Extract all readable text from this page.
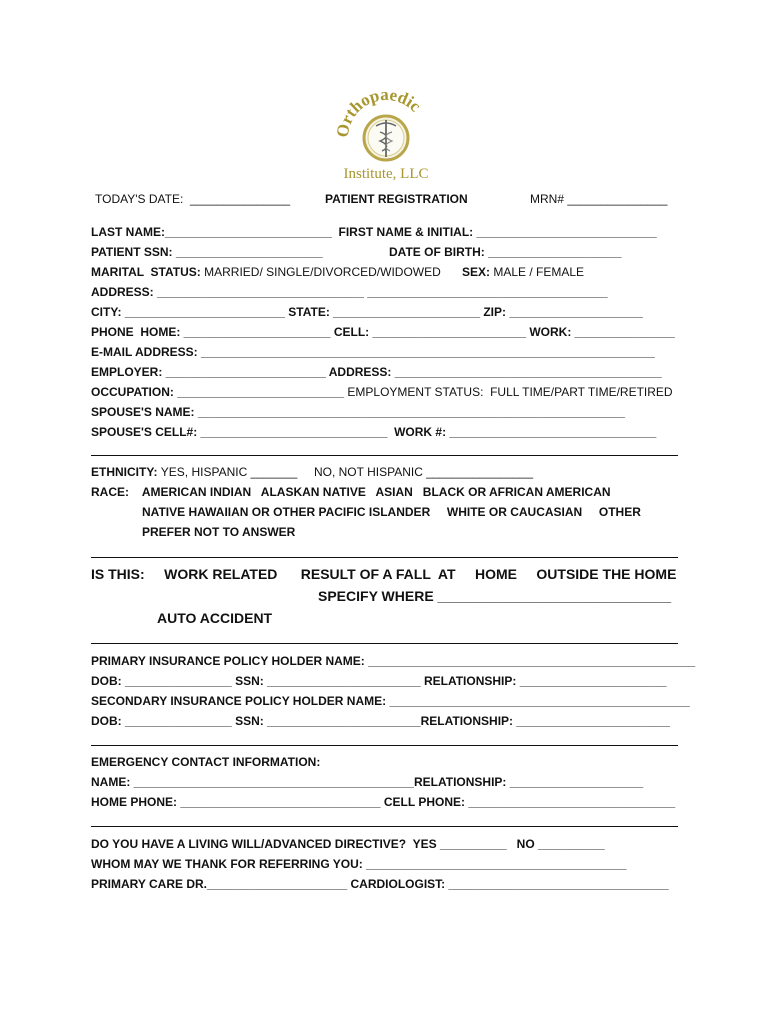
Orthopaedic
Institute, LLC
TODAY'S DATE:  _______________	PATIENT REGISTRATION	MRN# _______________
LAST NAME:_________________________  FIRST NAME & INITIAL: ___________________________
PATIENT SSN: ______________________	DATE OF BIRTH: ____________________
MARITAL  STATUS: MARRIED/ SINGLE/DIVORCED/WIDOWED SEX: MALE / FEMALE
ADDRESS: _______________________________ ____________________________________
CITY: ________________________ STATE: ______________________ ZIP: ____________________
PHONE  HOME: ______________________ CELL: _______________________ WORK: _______________
E-MAIL ADDRESS: ____________________________________________________________________
EMPLOYER: ________________________ ADDRESS: ________________________________________
OCCUPATION: _________________________ EMPLOYMENT STATUS:  FULL TIME/PART TIME/RETIRED
SPOUSE'S NAME: ________________________________________________________________
SPOUSE'S CELL#: ____________________________  WORK #: _______________________________
ETHNICITY: YES, HISPANIC _______     NO, NOT HISPANIC ________________
RACE:    AMERICAN INDIAN   ALASKAN NATIVE   ASIAN   BLACK OR AFRICAN AMERICAN
NATIVE HAWAIIAN OR OTHER PACIFIC ISLANDER     WHITE OR CAUCASIAN     OTHER
PREFER NOT TO ANSWER
IS THIS:     WORK RELATED      RESULT OF A FALL  AT     HOME     OUTSIDE THE HOME
SPECIFY WHERE ______________________________
AUTO ACCIDENT
PRIMARY INSURANCE POLICY HOLDER NAME: _________________________________________________
DOB: ________________ SSN: _______________________ RELATIONSHIP: ______________________
SECONDARY INSURANCE POLICY HOLDER NAME: _____________________________________________
DOB: ________________ SSN: _______________________RELATIONSHIP: _______________________
EMERGENCY CONTACT INFORMATION:
NAME: __________________________________________RELATIONSHIP: ____________________
HOME PHONE: ______________________________ CELL PHONE: _______________________________
DO YOU HAVE A LIVING WILL/ADVANCED DIRECTIVE?  YES __________   NO __________
WHOM MAY WE THANK FOR REFERRING YOU: _______________________________________
PRIMARY CARE DR._____________________ CARDIOLOGIST: _________________________________
